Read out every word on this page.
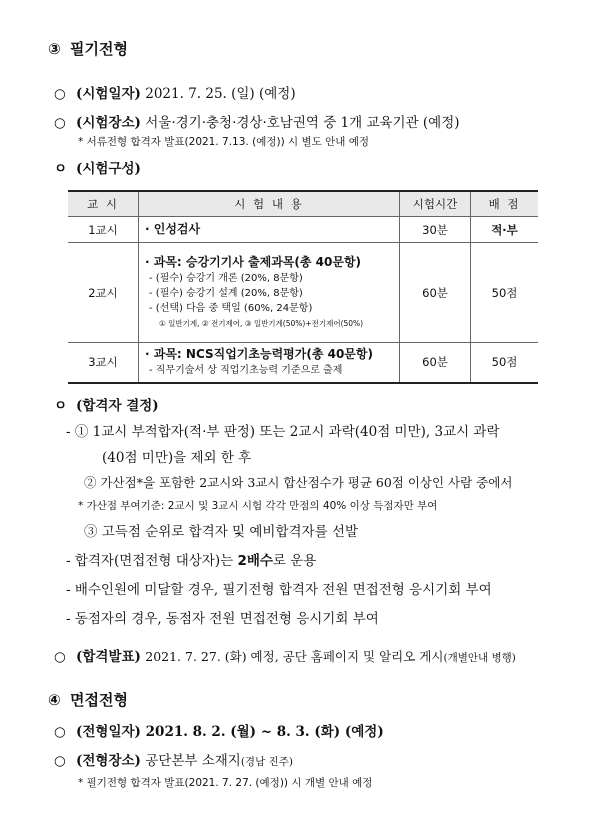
③ 필기전형
○ (시험일자) 2021. 7. 25. (일) (예정)
○ (시험장소) 서울·경기·충청·경상·호남권역 중 1개 교육기관 (예정)
* 서류전형 합격자 발표(2021. 7.13. (예정)) 시 별도 안내 예정
ㅇ (시험구성)
교 시	시 험 내 용	시험시간	배 점
1교시	· 인성검사	30분	적·부
2교시	· 과목: 승강기기사 출제과목(총 40문항)
- (필수) 승강기 개론 (20%, 8문항)
- (필수) 승강기 설계 (20%, 8문항)
- (선택) 다음 중 택일 (60%, 24문항)
① 일반기계, ② 전기제어, ③ 일반기계(50%)+전기제어(50%)	60분	50점
3교시	· 과목: NCS직업기초능력평가(총 40문항)
- 직무기술서 상 직업기초능력 기준으로 출제	60분	50점
ㅇ (합격자 결정)
- ① 1교시 부적합자(적·부 판정) 또는 2교시 과락(40점 미만), 3교시 과락
(40점 미만)을 제외 한 후
② 가산점*을 포함한 2교시와 3교시 합산점수가 평균 60점 이상인 사람 중에서
* 가산점 부여기준: 2교시 및 3교시 시험 각각 만점의 40% 이상 득점자만 부여
③ 고득점 순위로 합격자 및 예비합격자를 선발
- 합격자(면접전형 대상자)는 2배수로 운용
- 배수인원에 미달할 경우, 필기전형 합격자 전원 면접전형 응시기회 부여
- 동점자의 경우, 동점자 전원 면접전형 응시기회 부여
○ (합격발표) 2021. 7. 27. (화) 예정, 공단 홈페이지 및 알리오 게시(개별안내 병행)
④ 면접전형
○ (전형일자) 2021. 8. 2. (월) ~ 8. 3. (화) (예정)
○ (전형장소) 공단본부 소재지(경남 진주)
* 필기전형 합격자 발표(2021. 7. 27. (예정)) 시 개별 안내 예정
